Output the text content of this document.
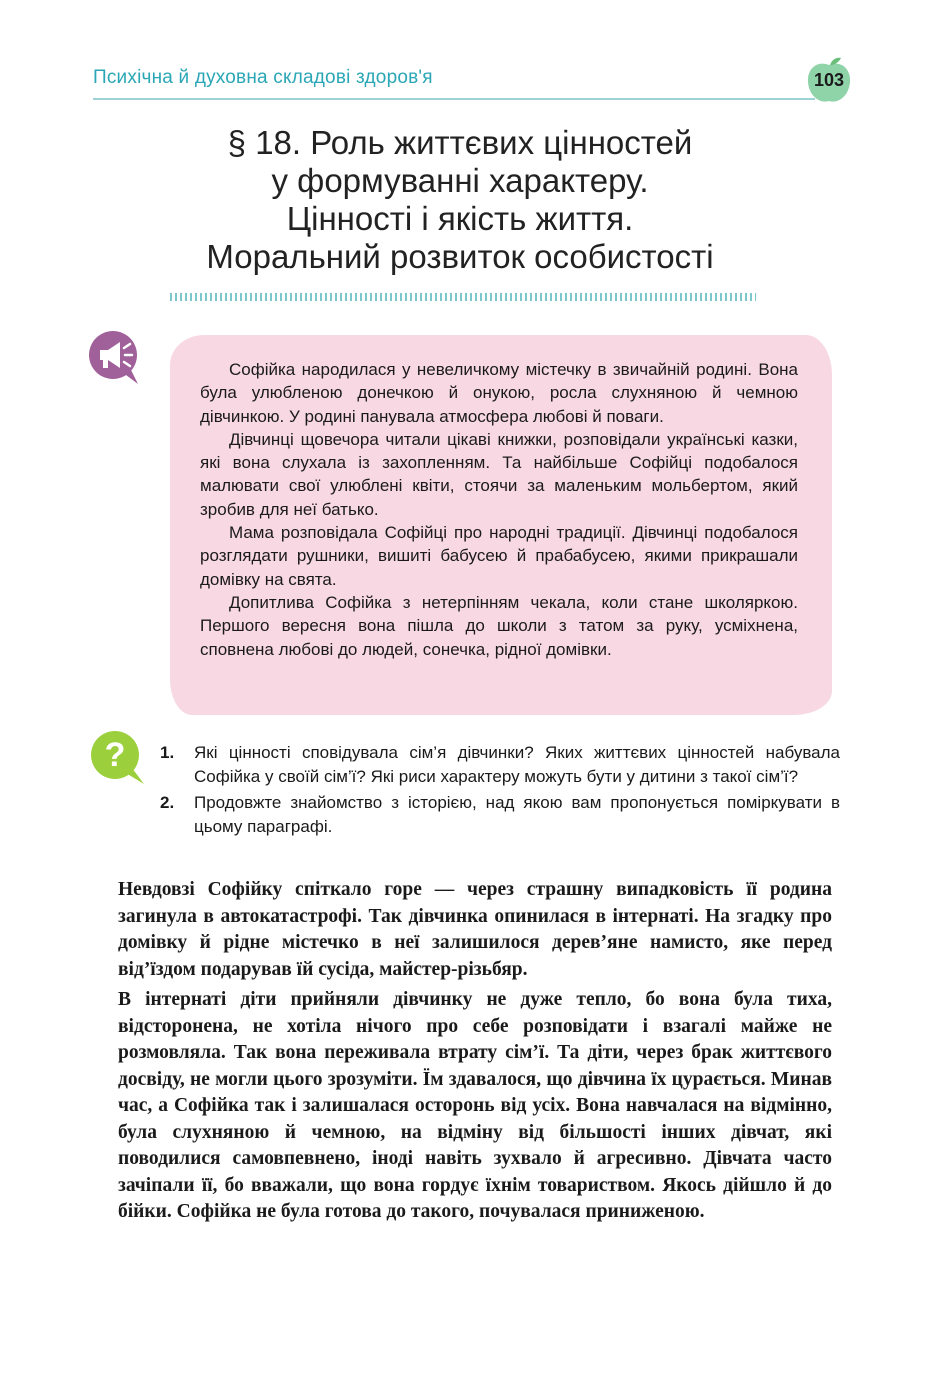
Психічна й духовна складові здоров'я	103
§ 18. Роль життєвих цінностей
у формуванні характеру.
Цінності і якість життя.
Моральний розвиток особистості

Софійка народилася у невеличкому містечку в звичайній родині. Вона була улюбленою донечкою й онукою, росла слухняною й чемною дівчинкою. У родині панувала атмосфера любові й поваги.

Дівчинці щовечора читали цікаві книжки, розповідали українські казки, які вона слухала із захопленням. Та найбільше Софійці подобалося малювати свої улюблені квіти, стоячи за маленьким мольбертом, який зробив для неї батько.

Мама розповідала Софійці про народні традиції. Дівчинці подобалося розглядати рушники, вишиті бабусею й прабабусею, якими прикрашали домівку на свята.

Допитлива Софійка з нетерпінням чекала, коли стане школяркою. Першого вересня вона пішла до школи з татом за руку, усміхнена, сповнена любові до людей, сонечка, рідної домівки.

? 1. Які цінності сповідувала сім’я дівчинки? Яких життєвих цінностей набувала Софійка у своїй сім’ї? Які риси характеру можуть бути у дитини з такої сім’ї?
2. Продовжте знайомство з історією, над якою вам пропонується поміркувати в цьому параграфі.

Невдовзі Софійку спіткало горе — через страшну випадковість її родина загинула в автокатастрофі. Так дівчинка опинилася в інтернаті. На згадку про домівку й рідне містечко в неї залишилося дерев’яне намисто, яке перед від’їздом подарував їй сусіда, майстер-різьбяр.

В інтернаті діти прийняли дівчинку не дуже тепло, бо вона була тиха, відсторонена, не хотіла нічого про себе розповідати і взагалі майже не розмовляла. Так вона переживала втрату сім’ї. Та діти, через брак життєвого досвіду, не могли цього зрозуміти. Їм здавалося, що дівчина їх цурається. Минав час, а Софійка так і залишалася осторонь від усіх. Вона навчалася на відмінно, була слухняною й чемною, на відміну від більшості інших дівчат, які поводилися самовпевнено, іноді навіть зухвало й агресивно. Дівчата часто зачіпали її, бо вважали, що вона гордує їхнім товариством. Якось дійшло й до бійки. Софійка не була готова до такого, почувалася приниженою.
